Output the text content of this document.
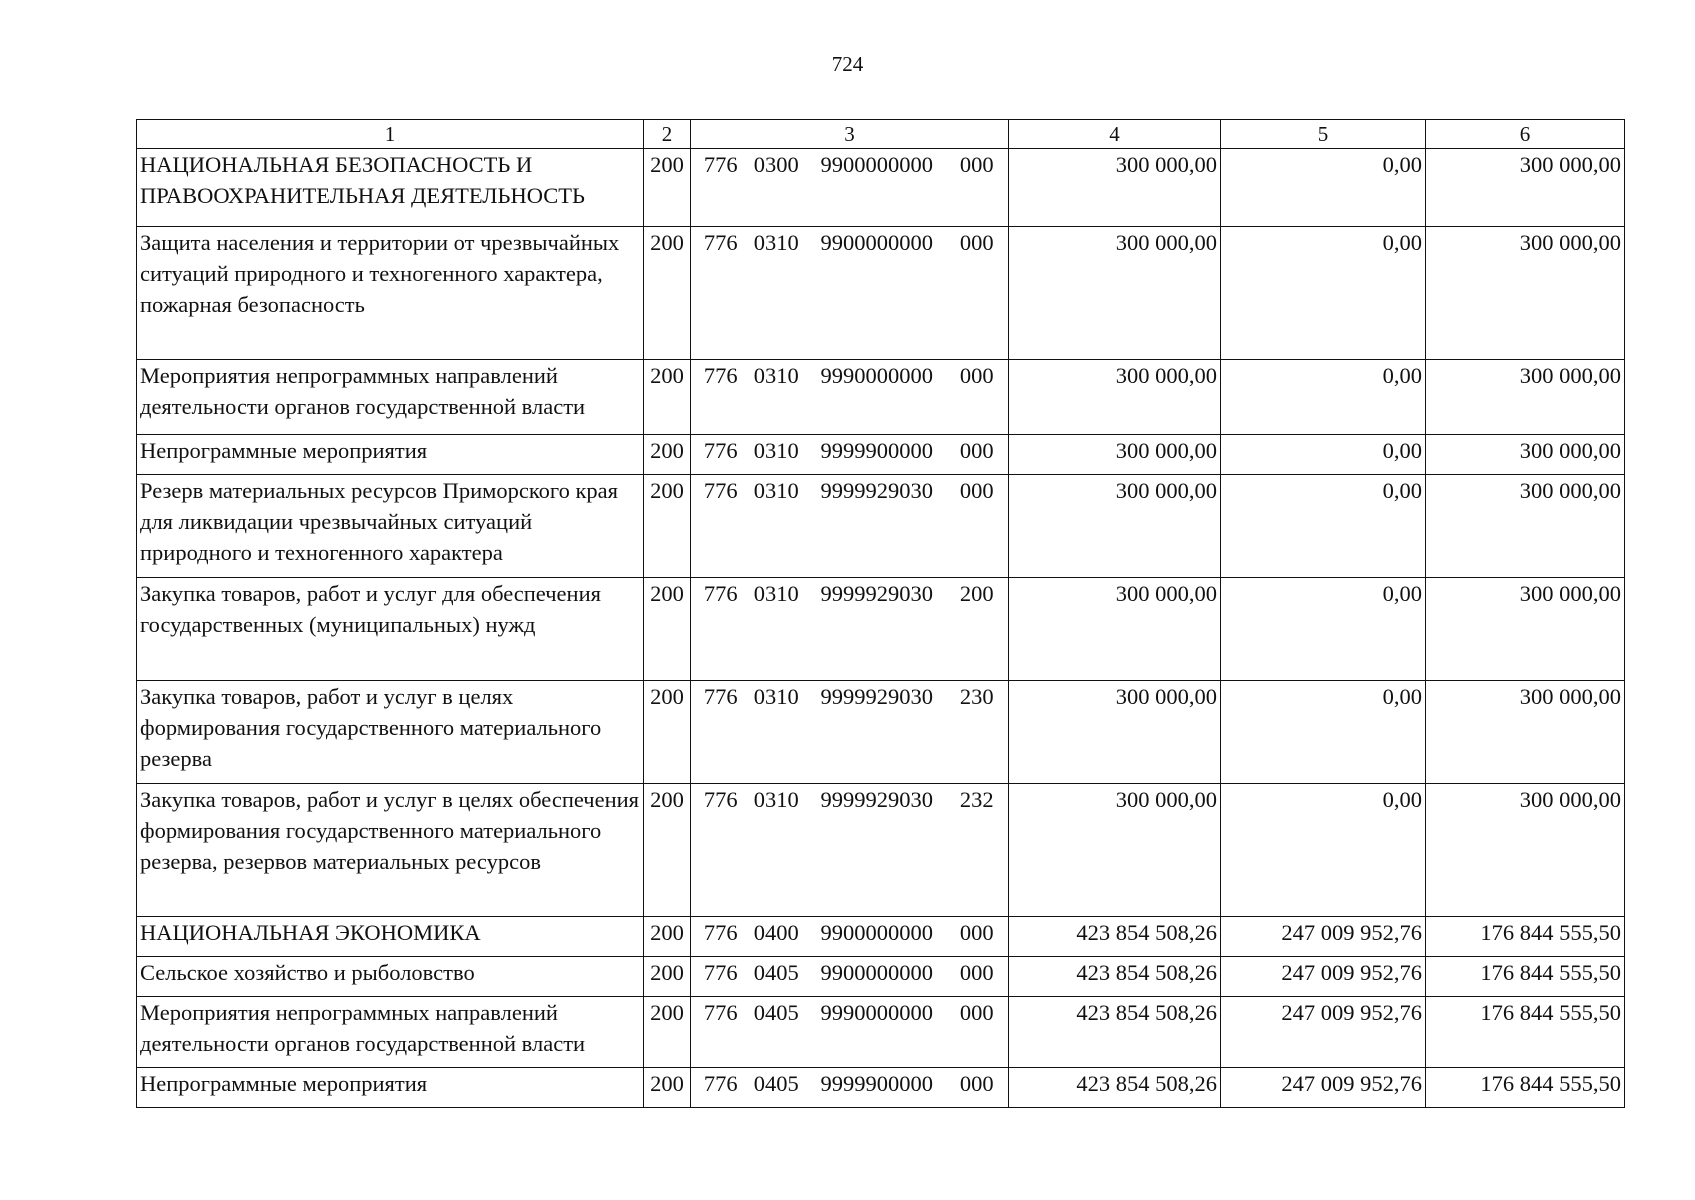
724
1	2	3	4	5	6
НАЦИОНАЛЬНАЯ БЕЗОПАСНОСТЬ И ПРАВООХРАНИТЕЛЬНАЯ ДЕЯТЕЛЬНОСТЬ	200	776 0300 9900000000 000	300 000,00	0,00	300 000,00
Защита населения и территории от чрезвычайных ситуаций природного и техногенного характера, пожарная безопасность	200	776 0310 9900000000 000	300 000,00	0,00	300 000,00
Мероприятия непрограммных направлений деятельности органов государственной власти	200	776 0310 9990000000 000	300 000,00	0,00	300 000,00
Непрограммные мероприятия	200	776 0310 9999900000 000	300 000,00	0,00	300 000,00
Резерв материальных ресурсов Приморского края для ликвидации чрезвычайных ситуаций природного и техногенного характера	200	776 0310 9999929030 000	300 000,00	0,00	300 000,00
Закупка товаров, работ и услуг для обеспечения государственных (муниципальных) нужд	200	776 0310 9999929030 200	300 000,00	0,00	300 000,00
Закупка товаров, работ и услуг в целях формирования государственного материального резерва	200	776 0310 9999929030 230	300 000,00	0,00	300 000,00
Закупка товаров, работ и услуг в целях обеспечения формирования государственного материального резерва, резервов материальных ресурсов	200	776 0310 9999929030 232	300 000,00	0,00	300 000,00
НАЦИОНАЛЬНАЯ ЭКОНОМИКА	200	776 0400 9900000000 000	423 854 508,26	247 009 952,76	176 844 555,50
Сельское хозяйство и рыболовство	200	776 0405 9900000000 000	423 854 508,26	247 009 952,76	176 844 555,50
Мероприятия непрограммных направлений деятельности органов государственной власти	200	776 0405 9990000000 000	423 854 508,26	247 009 952,76	176 844 555,50
Непрограммные мероприятия	200	776 0405 9999900000 000	423 854 508,26	247 009 952,76	176 844 555,50
